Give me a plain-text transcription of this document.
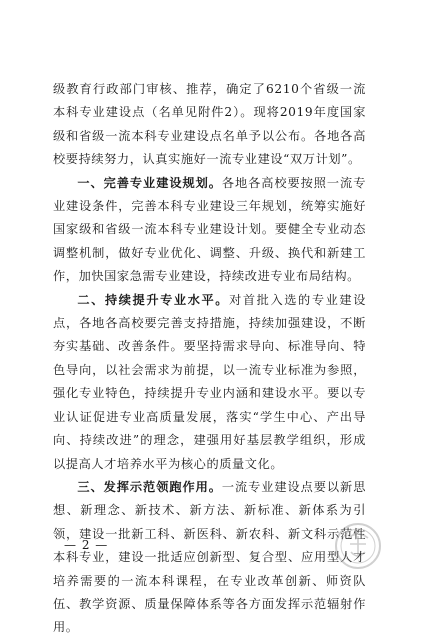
级教育行政部门审核、推荐，确定了6210个省级一流本科专业建设点（名单见附件2）。现将2019年度国家级和省级一流本科专业建设点名单予以公布。各地各高校要持续努力，认真实施好一流专业建设“双万计划”。

一、完善专业建设规划。各地各高校要按照一流专业建设条件，完善本科专业建设三年规划，统筹实施好国家级和省级一流本科专业建设计划。要健全专业动态调整机制，做好专业优化、调整、升级、换代和新建工作，加快国家急需专业建设，持续改进专业布局结构。

二、持续提升专业水平。对首批入选的专业建设点，各地各高校要完善支持措施，持续加强建设，不断夯实基础、改善条件。要坚持需求导向、标准导向、特色导向，以社会需求为前提，以一流专业标准为参照，强化专业特色，持续提升专业内涵和建设水平。要以专业认证促进专业高质量发展，落实“学生中心、产出导向、持续改进”的理念，建强用好基层教学组织，形成以提高人才培养水平为核心的质量文化。

三、发挥示范领跑作用。一流专业建设点要以新思想、新理念、新技术、新方法、新标准、新体系为引领，建设一批新工科、新医科、新农科、新文科示范性本科专业，建设一批适应创新型、复合型、应用型人才培养需要的一流本科课程，在专业改革创新、师资队伍、教学资源、质量保障体系等各方面发挥示范辐射作用。

— 2 —
